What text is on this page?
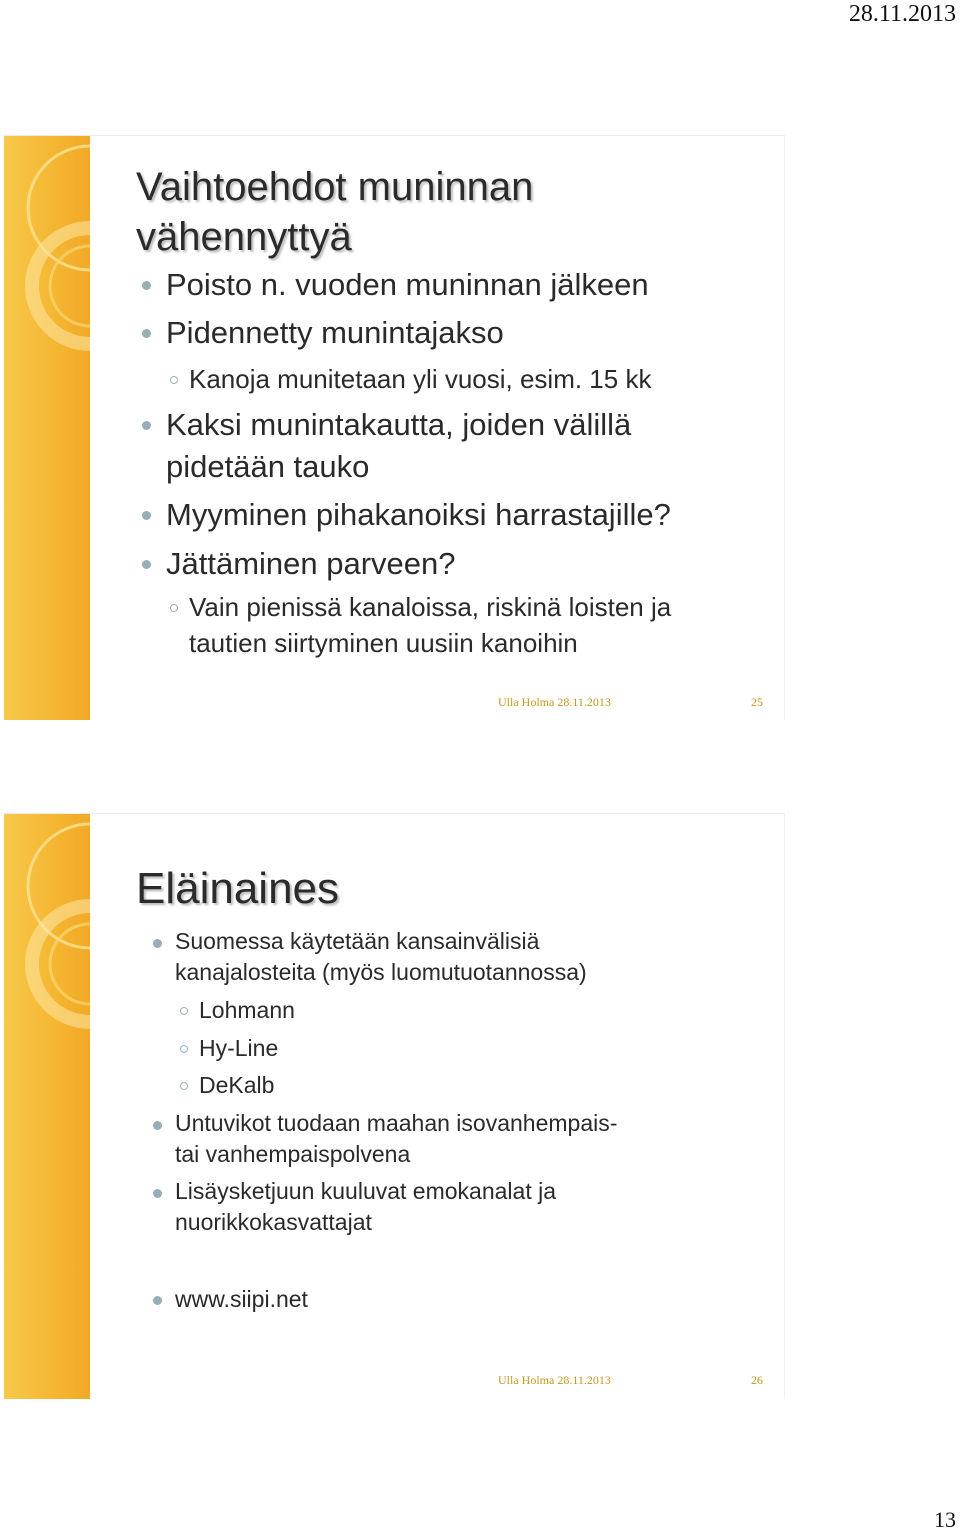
28.11.2013
Vaihtoehdot muninnan
vähennyttyä

Poisto n. vuoden muninnan jälkeen

Pidennetty munintajakso

Kanoja munitetaan yli vuosi, esim. 15 kk

Kaksi munintakautta, joiden välillä
pidetään tauko

Myyminen pihakanoiksi harrastajille?

Jättäminen parveen?

Vain pienissä kanaloissa, riskinä loisten ja
tautien siirtyminen uusiin kanoihin

Ulla Holma 28.11.2013	25
Eläinaines

Suomessa käytetään kansainvälisiä
kanajalosteita (myös luomutuotannossa)

Lohmann

Hy-Line

DeKalb

Untuvikot tuodaan maahan isovanhempais-
tai vanhempaispolvena

Lisäysketjuun kuuluvat emokanalat ja
nuorikkokasvattajat

www.siipi.net

Ulla Holma 28.11.2013	26
13
